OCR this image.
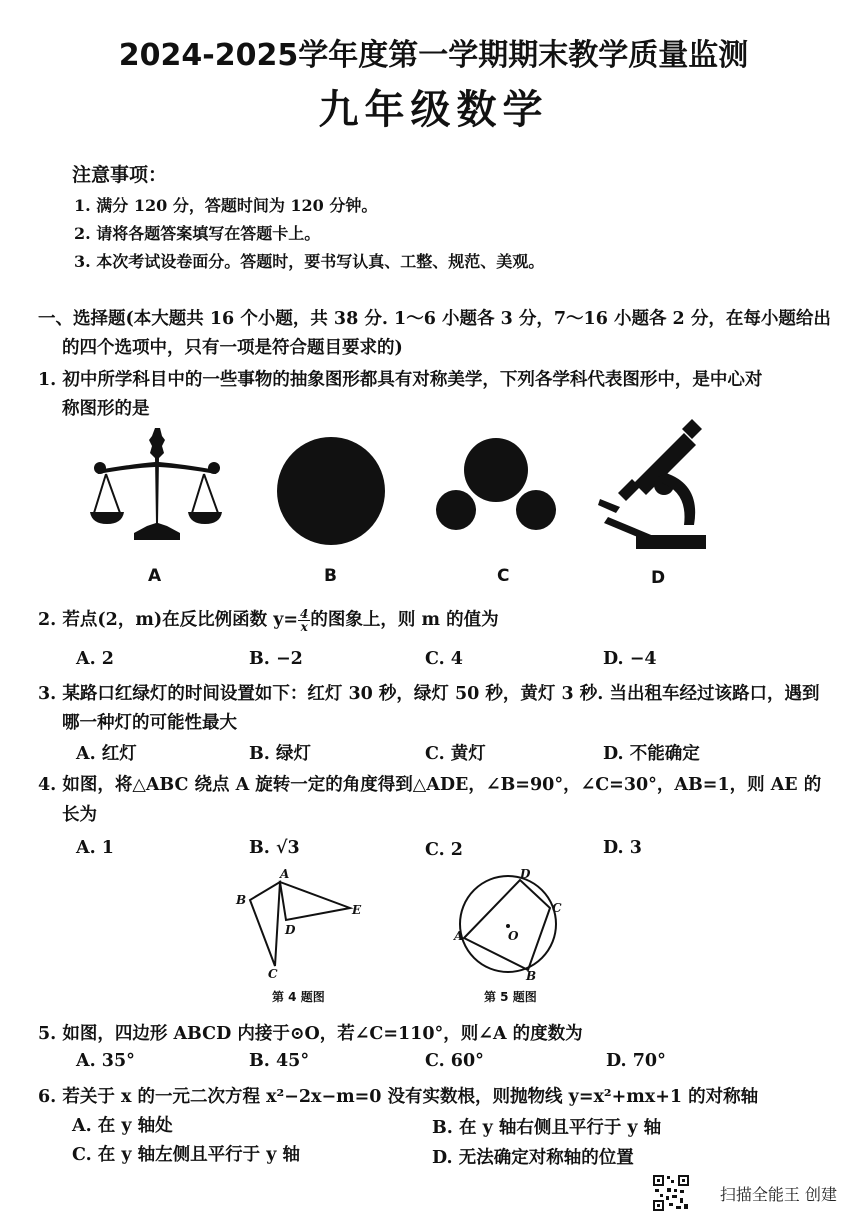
2024-2025学年度第一学期期末教学质量监测
九年级数学
注意事项：
1. 满分 120 分，答题时间为 120 分钟。
2. 请将各题答案填写在答题卡上。
3. 本次考试设卷面分。答题时，要书写认真、工整、规范、美观。
一、选择题(本大题共 16 个小题，共 38 分. 1～6 小题各 3 分，7～16 小题各 2 分，在每小题给出
的四个选项中，只有一项是符合题目要求的)
1. 初中所学科目中的一些事物的抽象图形都具有对称美学，下列各学科代表图形中，是中心对
称图形的是
A	B	C	D
2. 若点(2，m)在反比例函数 $y= \frac{4}{x}$ 的图象上，则 m 的值为
A. 2	B. −2	C. 4	D. −4
3. 某路口红绿灯的时间设置如下：红灯 30 秒，绿灯 50 秒，黄灯 3 秒. 当出租车经过该路口，遇到
哪一种灯的可能性最大
A. 红灯	B. 绿灯	C. 黄灯	D. 不能确定
4. 如图，将△ABC 绕点 A 旋转一定的角度得到△ADE，∠B=90°，∠C=30°，AB=1，则 AE 的
长为
A. 1	B. √3	C. 2	D. 3
A
B
C
D
E
第 4 题图
A
B
C
D
O
第 5 题图
5. 如图，四边形 ABCD 内接于⊙O，若∠C=110°，则∠A 的度数为
A. 35°	B. 45°	C. 60°	D. 70°
6. 若关于 x 的一元二次方程 x²−2x−m=0 没有实数根，则抛物线 y=x²+mx+1 的对称轴
A. 在 y 轴处	B. 在 y 轴右侧且平行于 y 轴
C. 在 y 轴左侧且平行于 y 轴	D. 无法确定对称轴的位置
扫描全能王 创建
